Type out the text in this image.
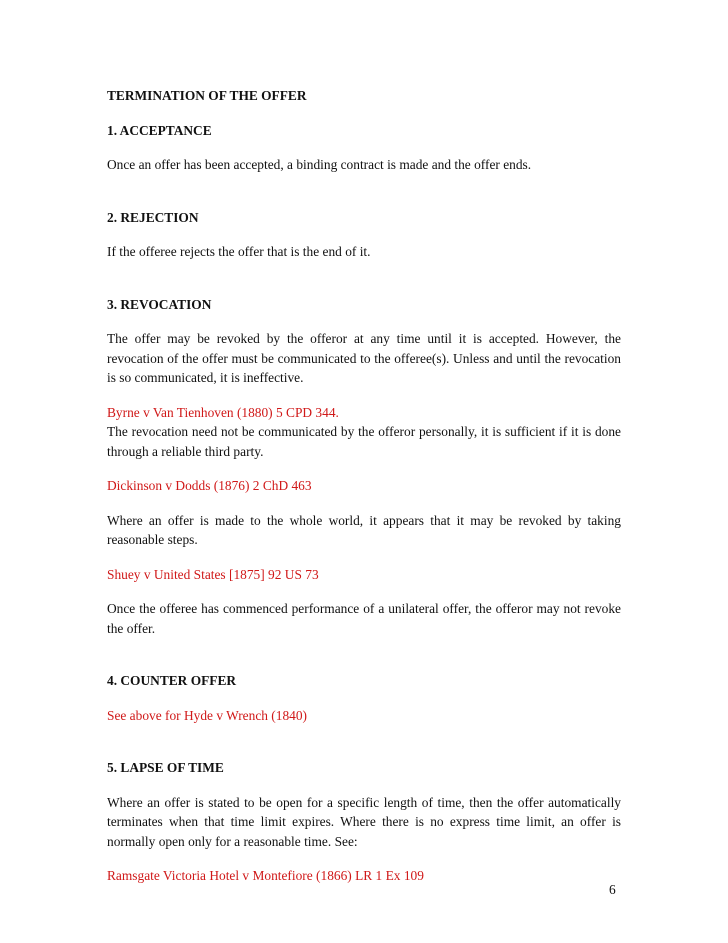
TERMINATION OF THE OFFER

1. ACCEPTANCE

Once an offer has been accepted, a binding contract is made and the offer ends.

2. REJECTION

If the offeree rejects the offer that is the end of it.

3. REVOCATION

The offer may be revoked by the offeror at any time until it is accepted. However, the revocation of the offer must be communicated to the offeree(s). Unless and until the revocation is so communicated, it is ineffective.

Byrne v Van Tienhoven (1880) 5 CPD 344.

The revocation need not be communicated by the offeror personally, it is sufficient if it is done through a reliable third party.

Dickinson v Dodds (1876) 2 ChD 463

Where an offer is made to the whole world, it appears that it may be revoked by taking reasonable steps.

Shuey v United States [1875] 92 US 73

Once the offeree has commenced performance of a unilateral offer, the offeror may not revoke the offer.

4. COUNTER OFFER

See above for Hyde v Wrench (1840)

5. LAPSE OF TIME

Where an offer is stated to be open for a specific length of time, then the offer automatically terminates when that time limit expires. Where there is no express time limit, an offer is normally open only for a reasonable time. See:

Ramsgate Victoria Hotel v Montefiore (1866) LR 1 Ex 109

6
